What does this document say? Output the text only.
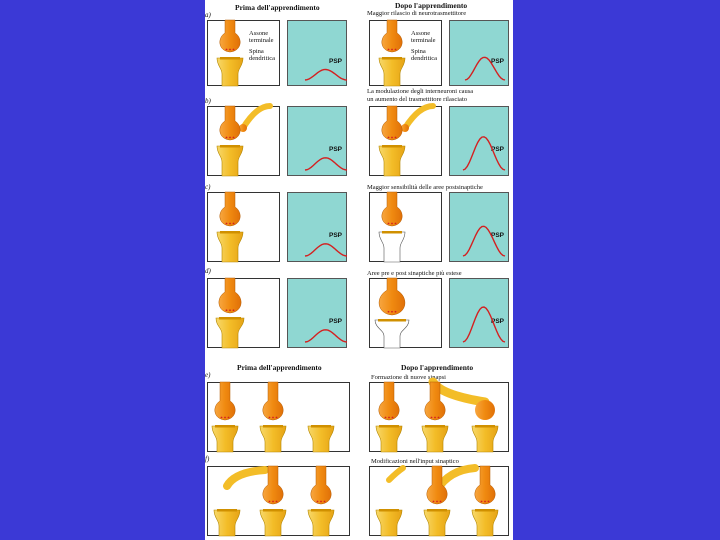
Prima dell'apprendimento	Dopo l'apprendimento
a)
b)
c)
d)
Maggior rilascio di neurotrasmettitore
La modulazione degli interneuroni causa
un aumento del trasmettitore rilasciato
Maggior sensibilità delle aree postsinaptiche
Aree pre e post sinaptiche più estese
PSP	PSP
PSP	PSP
PSP	PSP
PSP	PSP
Assone
terminale
Spina
dendritica
Assone
terminale
Spina
dendritica
Prima dell'apprendimento	Dopo l'apprendimento
e)
f)
Formazione di nuove sinapsi
Modificazioni nell'input sinaptico
